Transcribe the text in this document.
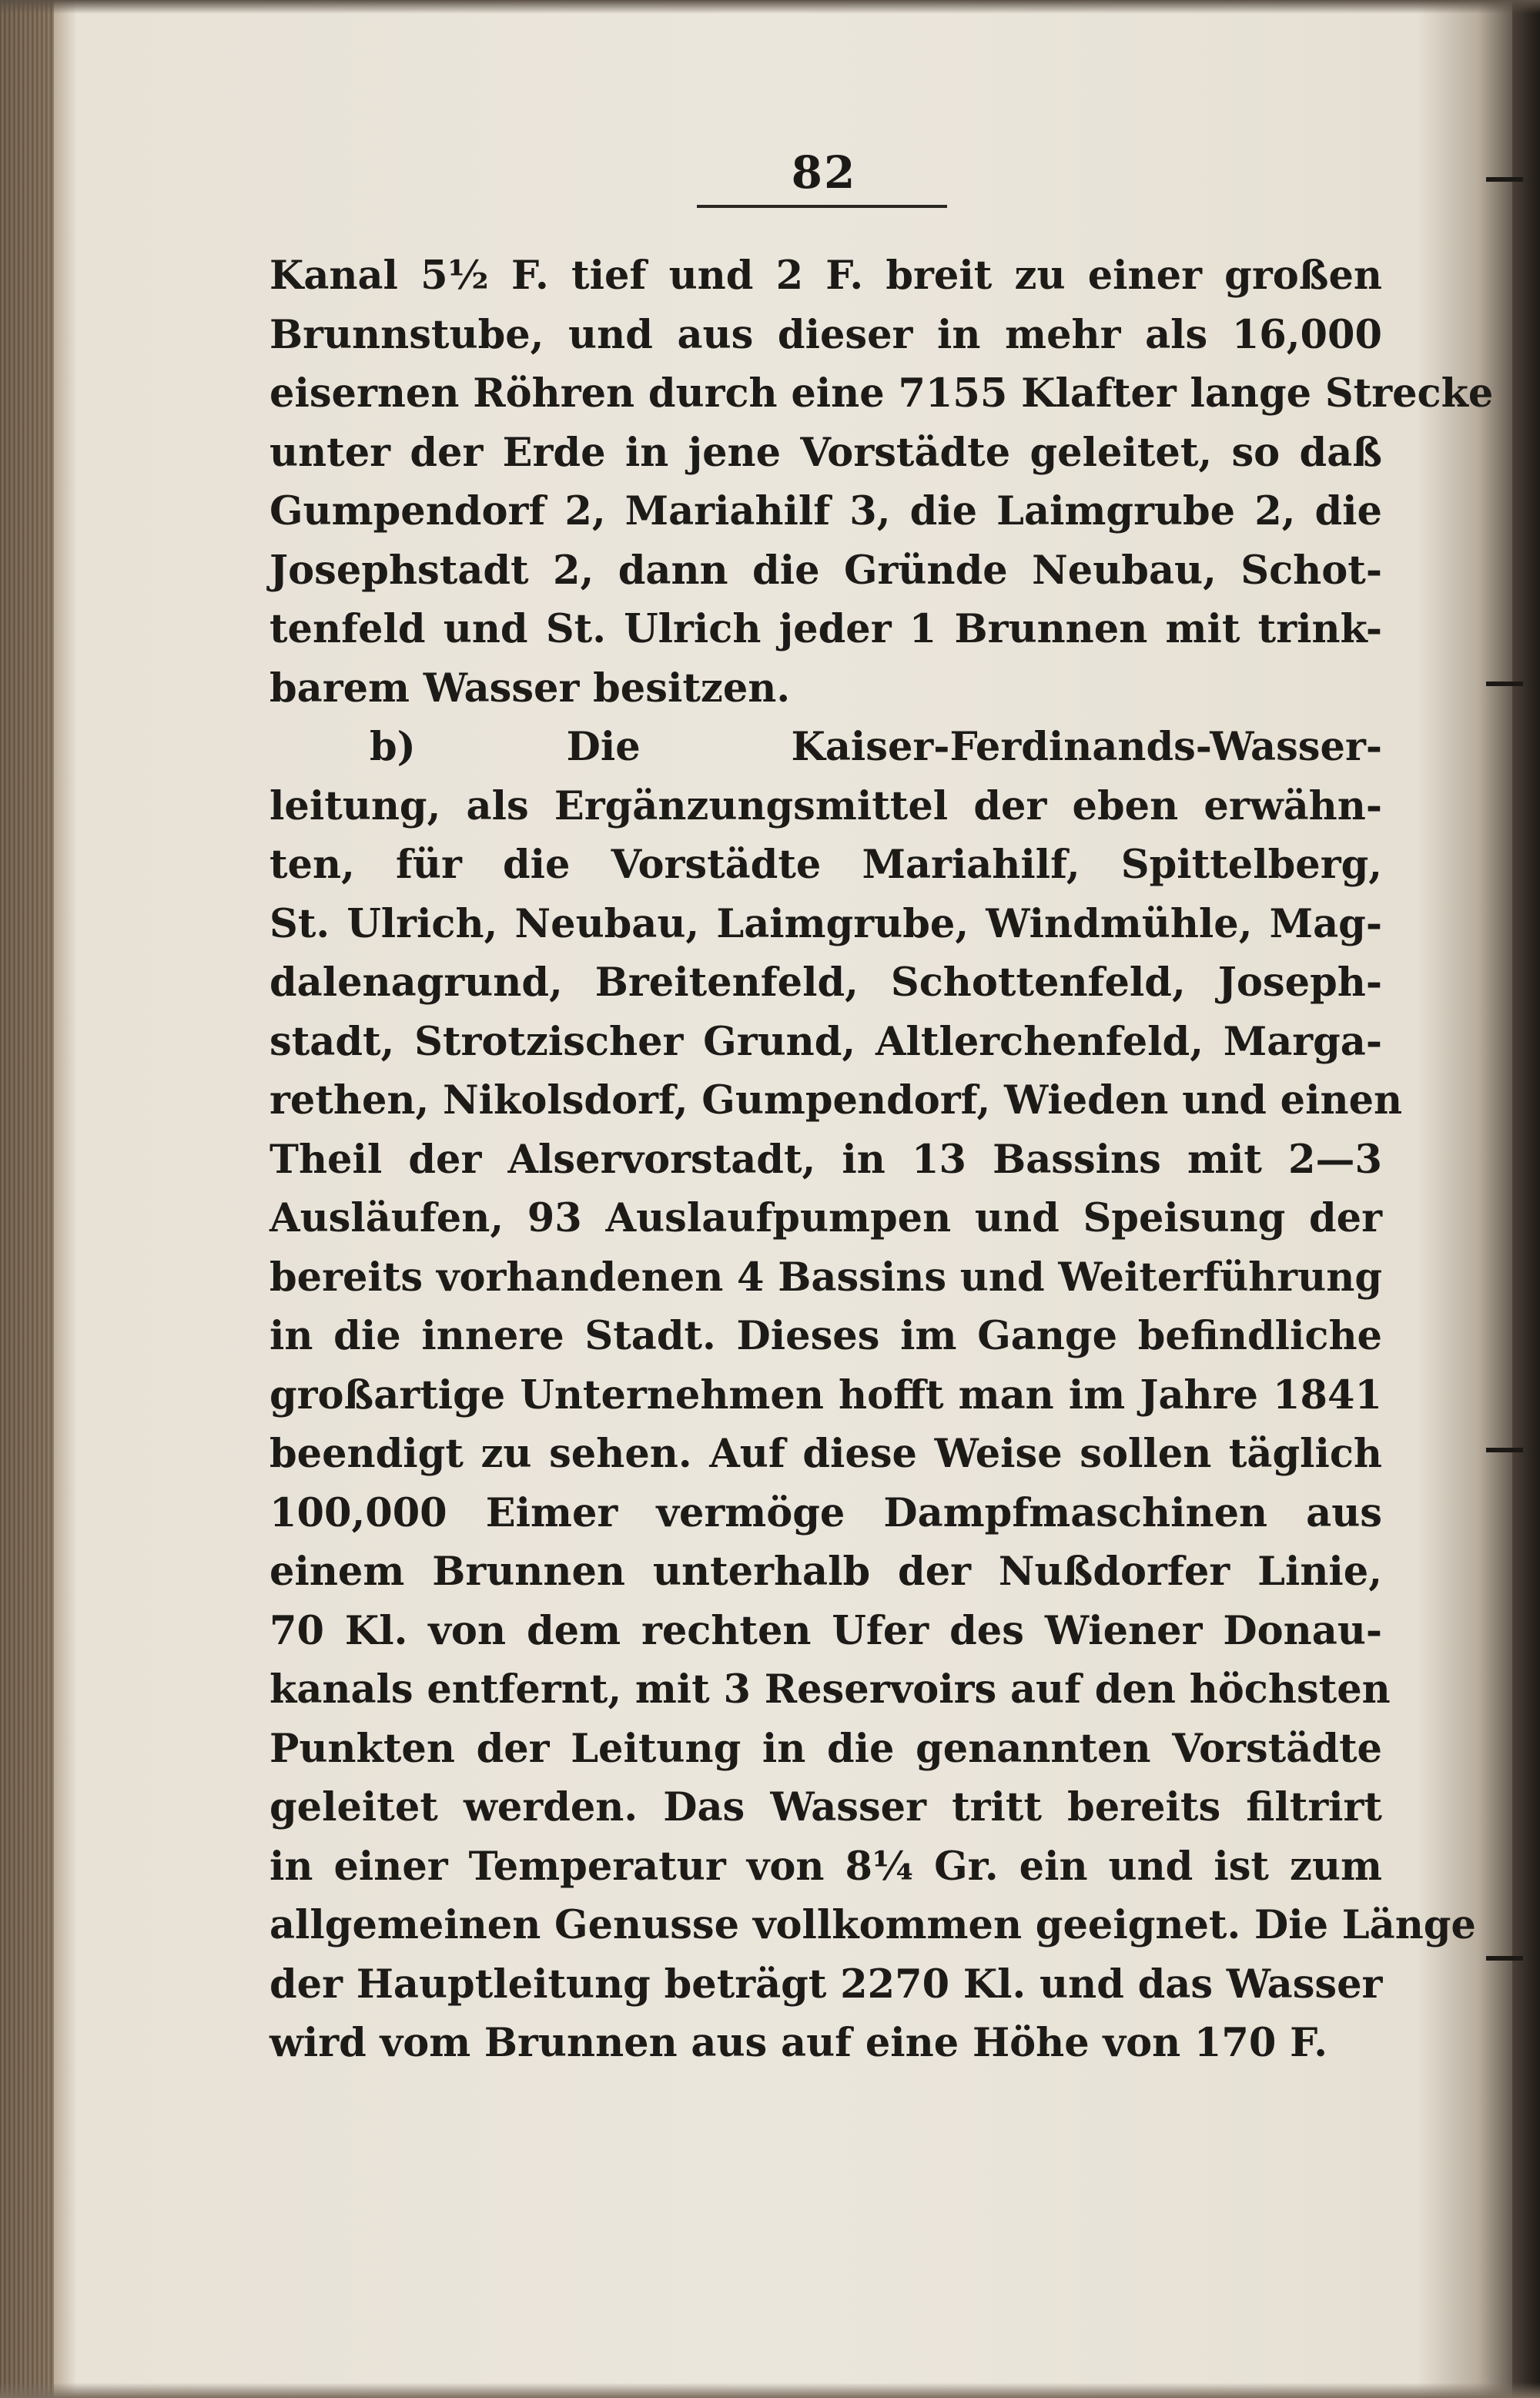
82
Kanal 5½ F. tief und 2 F. breit zu einer großen
Brunnstube, und aus dieser in mehr als 16,000
eisernen Röhren durch eine 7155 Klafter lange Strecke
unter der Erde in jene Vorstädte geleitet, so daß
Gumpendorf 2, Mariahilf 3, die Laimgrube 2, die
Josephstadt 2, dann die Gründe Neubau, Schot-
tenfeld und St. Ulrich jeder 1 Brunnen mit trink-
barem Wasser besitzen.
b) Die Kaiser-Ferdinands-Wasser-
leitung, als Ergänzungsmittel der eben erwähn-
ten, für die Vorstädte Mariahilf, Spittelberg,
St. Ulrich, Neubau, Laimgrube, Windmühle, Mag-
dalenagrund, Breitenfeld, Schottenfeld, Joseph-
stadt, Strotzischer Grund, Altlerchenfeld, Marga-
rethen, Nikolsdorf, Gumpendorf, Wieden und einen
Theil der Alservorstadt, in 13 Bassins mit 2—3
Ausläufen, 93 Auslaufpumpen und Speisung der
bereits vorhandenen 4 Bassins und Weiterführung
in die innere Stadt. Dieses im Gange befindliche
großartige Unternehmen hofft man im Jahre 1841
beendigt zu sehen. Auf diese Weise sollen täglich
100,000 Eimer vermöge Dampfmaschinen aus
einem Brunnen unterhalb der Nußdorfer Linie,
70 Kl. von dem rechten Ufer des Wiener Donau-
kanals entfernt, mit 3 Reservoirs auf den höchsten
Punkten der Leitung in die genannten Vorstädte
geleitet werden. Das Wasser tritt bereits filtrirt
in einer Temperatur von 8¼ Gr. ein und ist zum
allgemeinen Genusse vollkommen geeignet. Die Länge
der Hauptleitung beträgt 2270 Kl. und das Wasser
wird vom Brunnen aus auf eine Höhe von 170 F.
